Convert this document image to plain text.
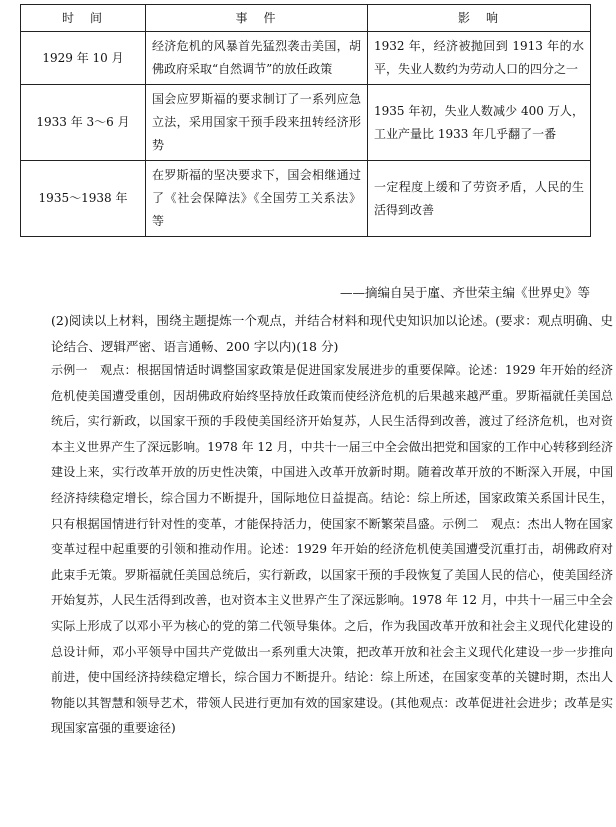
时　间	事　件	影　响
1929 年 10 月	经济危机的风暴首先猛烈袭击美国，胡佛政府采取“自然调节”的放任政策	1932 年，经济被抛回到 1913 年的水平，失业人数约为劳动人口的四分之一
1933 年 3～6 月	国会应罗斯福的要求制订了一系列应急立法，采用国家干预手段来扭转经济形势	1935 年初，失业人数减少 400 万人，工业产量比 1933 年几乎翻了一番
1935～1938 年	在罗斯福的坚决要求下，国会相继通过了《社会保障法》《全国劳工关系法》等	一定程度上缓和了劳资矛盾，人民的生活得到改善
——摘编自吴于廑、齐世荣主编《世界史》等
(2)阅读以上材料，围绕主题提炼一个观点，并结合材料和现代史知识加以论述。(要求：观点明确、史论结合、逻辑严密、语言通畅、200 字以内)(18 分)
示例一　观点：根据国情适时调整国家政策是促进国家发展进步的重要保障。论述：1929 年开始的经济危机使美国遭受重创，因胡佛政府始终坚持放任政策而使经济危机的后果越来越严重。罗斯福就任美国总统后，实行新政，以国家干预的手段使美国经济开始复苏，人民生活得到改善，渡过了经济危机，也对资本主义世界产生了深远影响。1978 年 12 月，中共十一届三中全会做出把党和国家的工作中心转移到经济建设上来，实行改革开放的历史性决策，中国进入改革开放新时期。随着改革开放的不断深入开展，中国经济持续稳定增长，综合国力不断提升，国际地位日益提高。结论：综上所述，国家政策关系国计民生，只有根据国情进行针对性的变革，才能保持活力，使国家不断繁荣昌盛。示例二　观点：杰出人物在国家变革过程中起重要的引领和推动作用。论述：1929 年开始的经济危机使美国遭受沉重打击，胡佛政府对此束手无策。罗斯福就任美国总统后，实行新政，以国家干预的手段恢复了美国人民的信心，使美国经济开始复苏，人民生活得到改善，也对资本主义世界产生了深远影响。1978 年 12 月，中共十一届三中全会实际上形成了以邓小平为核心的党的第二代领导集体。之后，作为我国改革开放和社会主义现代化建设的总设计师，邓小平领导中国共产党做出一系列重大决策，把改革开放和社会主义现代化建设一步一步推向前进，使中国经济持续稳定增长，综合国力不断提升。结论：综上所述，在国家变革的关键时期，杰出人物能以其智慧和领导艺术，带领人民进行更加有效的国家建设。(其他观点：改革促进社会进步；改革是实现国家富强的重要途径)
